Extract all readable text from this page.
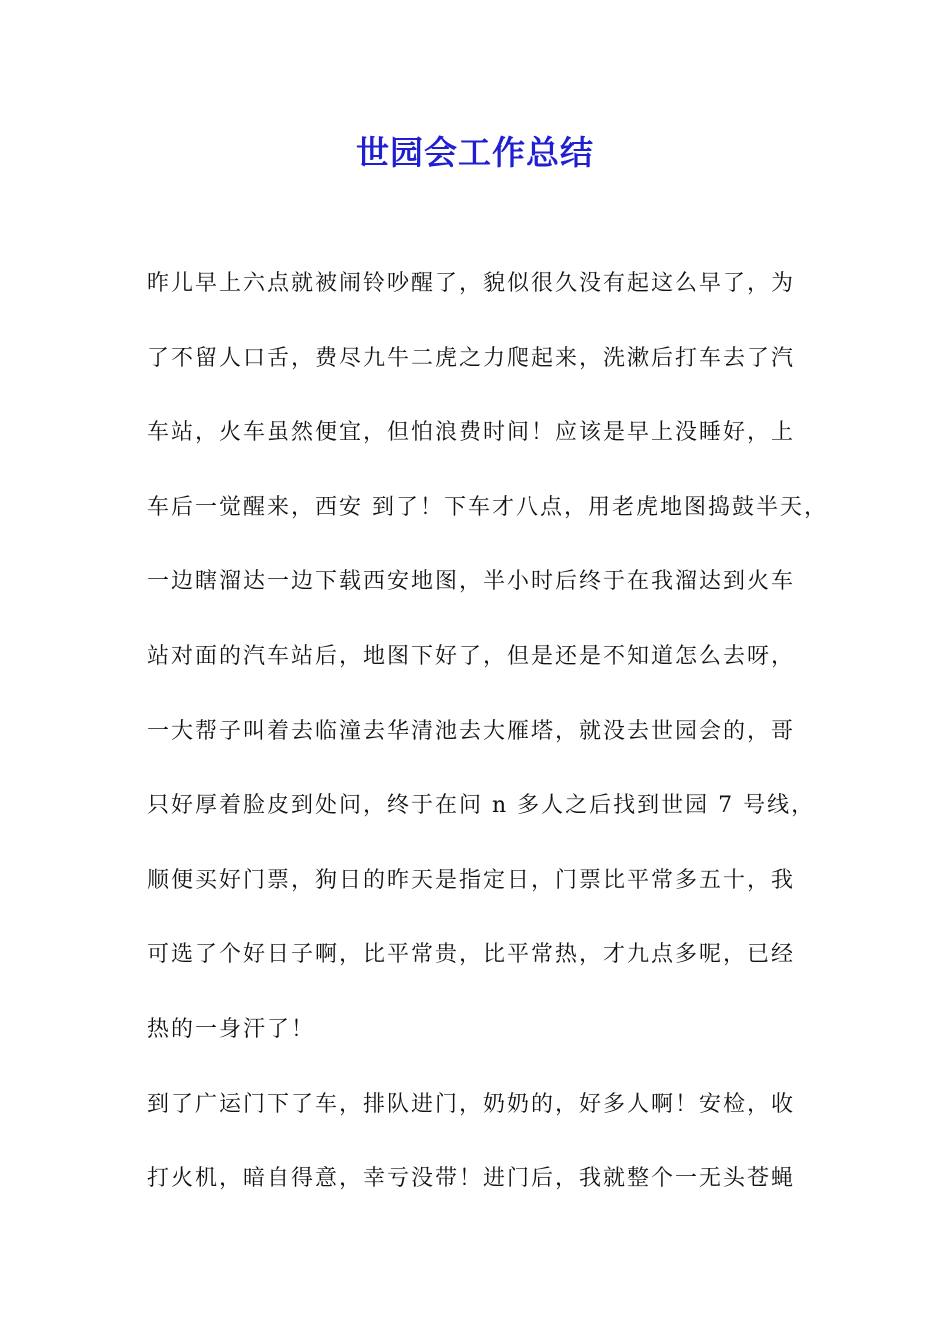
世园会工作总结
昨儿早上六点就被闹铃吵醒了，貌似很久没有起这么早了，为
了不留人口舌，费尽九牛二虎之力爬起来，洗漱后打车去了汽
车站，火车虽然便宜，但怕浪费时间！应该是早上没睡好，上
车后一觉醒来，西安 到了！下车才八点，用老虎地图捣鼓半天，
一边瞎溜达一边下载西安地图，半小时后终于在我溜达到火车
站对面的汽车站后，地图下好了，但是还是不知道怎么去呀，
一大帮子叫着去临潼去华清池去大雁塔，就没去世园会的，哥
只好厚着脸皮到处问，终于在问 n 多人之后找到世园 7 号线，
顺便买好门票，狗日的昨天是指定日，门票比平常多五十，我
可选了个好日子啊，比平常贵，比平常热，才九点多呢，已经
热的一身汗了！
到了广运门下了车，排队进门，奶奶的，好多人啊！安检，收
打火机，暗自得意，幸亏没带！进门后，我就整个一无头苍蝇
